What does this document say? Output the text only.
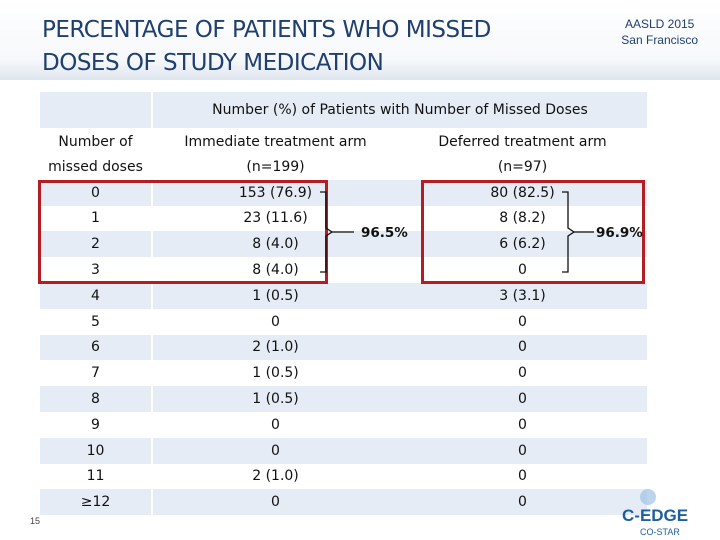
PERCENTAGE OF PATIENTS WHO MISSED
DOSES OF STUDY MEDICATION
AASLD 2015
San Francisco
	Number (%) of Patients with Number of Missed Doses	
Number of	Immediate treatment arm	Deferred treatment arm
missed doses	(n=199)	(n=97)
0	153 (76.9)	80 (82.5)
1	23 (11.6)	8 (8.2)
2	8 (4.0)	6 (6.2)
3	8 (4.0)	0
4	1 (0.5)	3 (3.1)
5	0	0
6	2 (1.0)	0
7	1 (0.5)	0
8	1 (0.5)	0
9	0	0
10	0	0
11	2 (1.0)	0
≥12	0	0
96.5%	96.9%
15	C-EDGE
CO-STAR
